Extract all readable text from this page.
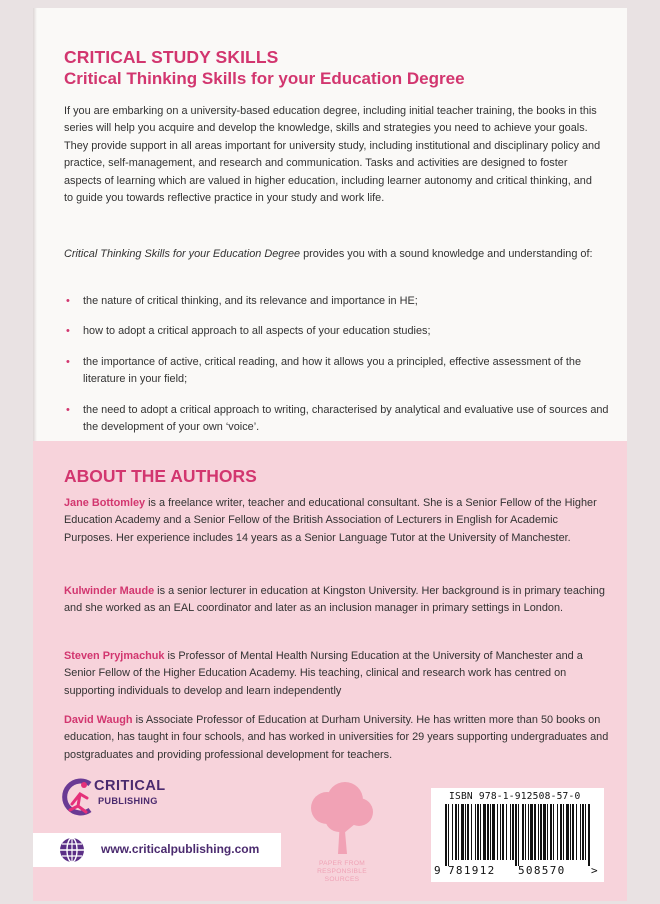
CRITICAL STUDY SKILLS
Critical Thinking Skills for your Education Degree

If you are embarking on a university-based education degree, including initial teacher training, the books in this series will help you acquire and develop the knowledge, skills and strategies you need to achieve your goals. They provide support in all areas important for university study, including institutional and disciplinary policy and practice, self-management, and research and communication. Tasks and activities are designed to foster aspects of learning which are valued in higher education, including learner autonomy and critical thinking, and to guide you towards reflective practice in your study and work life.

Critical Thinking Skills for your Education Degree provides you with a sound knowledge and understanding of:

• the nature of critical thinking, and its relevance and importance in HE;
• how to adopt a critical approach to all aspects of your education studies;
• the importance of active, critical reading, and how it allows you a principled, effective assessment of the literature in your field;
• the need to adopt a critical approach to writing, characterised by analytical and evaluative use of sources and the development of your own ‘voice’.
ABOUT THE AUTHORS

Jane Bottomley is a freelance writer, teacher and educational consultant. She is a Senior Fellow of the Higher Education Academy and a Senior Fellow of the British Association of Lecturers in English for Academic Purposes. Her experience includes 14 years as a Senior Language Tutor at the University of Manchester.

Kulwinder Maude is a senior lecturer in education at Kingston University. Her background is in primary teaching and she worked as an EAL coordinator and later as an inclusion manager in primary settings in London.

Steven Pryjmachuk is Professor of Mental Health Nursing Education at the University of Manchester and a Senior Fellow of the Higher Education Academy. His teaching, clinical and research work has centred on supporting individuals to develop and learn independently

David Waugh is Associate Professor of Education at Durham University. He has written more than 50 books on education, has taught in four schools, and has worked in universities for 29 years supporting undergraduates and postgraduates and providing professional development for teachers.

CRITICAL
PUBLISHING
www.criticalpublishing.com
PAPER FROM
RESPONSIBLE
SOURCES
ISBN 978-1-912508-57-0
9 781912 508570 >
